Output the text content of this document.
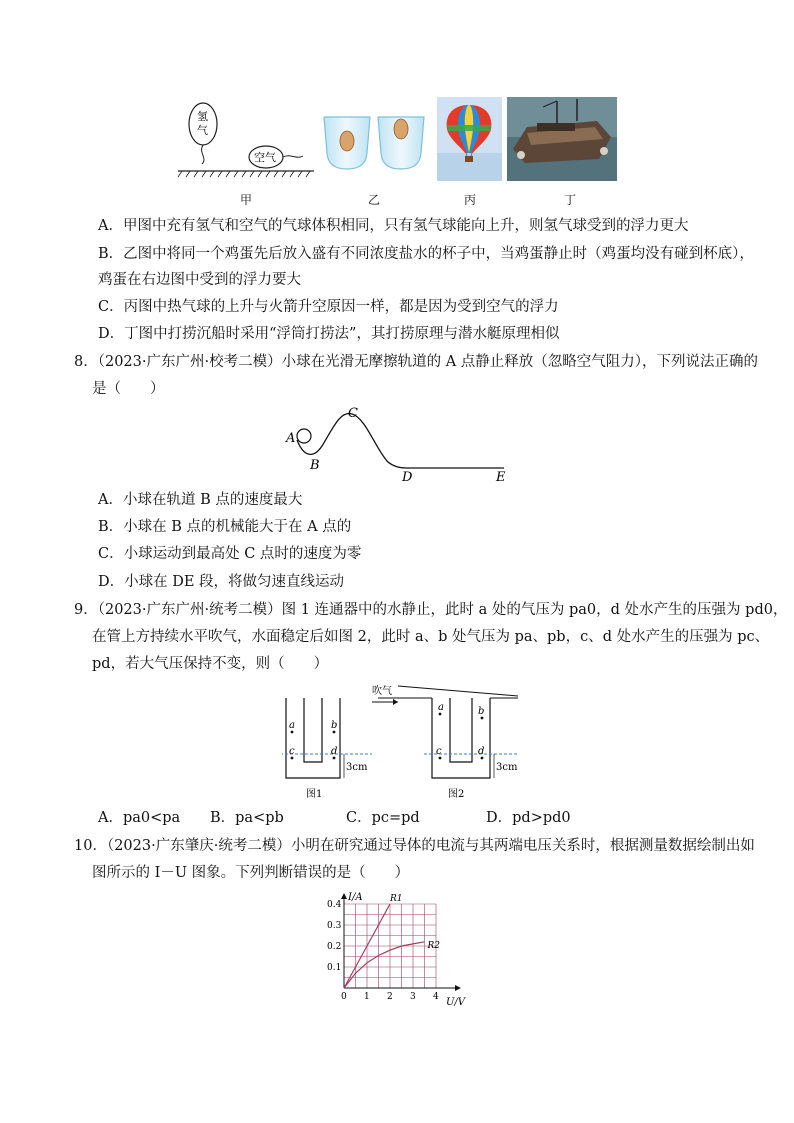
氢
气
空气
甲	乙	丙	丁
A．甲图中充有氢气和空气的气球体积相同，只有氢气球能向上升，则氢气球受到的浮力更大
B．乙图中将同一个鸡蛋先后放入盛有不同浓度盐水的杯子中，当鸡蛋静止时（鸡蛋均没有碰到杯底），
鸡蛋在右边图中受到的浮力要大
C．丙图中热气球的上升与火箭升空原因一样，都是因为受到空气的浮力
D．丁图中打捞沉船时采用“浮筒打捞法”，其打捞原理与潜水艇原理相似
8．（2023·广东广州·校考二模）小球在光滑无摩擦轨道的 A 点静止释放（忽略空气阻力），下列说法正确的
是（　　）
A
B
C
D	E
A．小球在轨道 B 点的速度最大
B．小球在 B 点的机械能大于在 A 点的
C．小球运动到最高处 C 点时的速度为零
D．小球在 DE 段，将做匀速直线运动
9．（2023·广东广州·统考二模）图 1 连通器中的水静止，此时 a 处的气压为 pa0，d 处水产生的压强为 pd0，
在管上方持续水平吹气，水面稳定后如图 2，此时 a、b 处气压为 pa、pb，c、d 处水产生的压强为 pc、
pd，若大气压保持不变，则（　　）
a	b
c	d
3cm
图1
吹气
a	b
c	d
3cm
图2
A．pa0<pa B．pa<pb	C．pc=pd	D．pd>pd0
10．（2023·广东肇庆·统考二模）小明在研究通过导体的电流与其两端电压关系时，根据测量数据绘制出如
图所示的 I－U 图象。下列判断错误的是（　　）
0 1 2 3 4
0.1
0.2
0.3
0.4
R1
R2
I/A
U/V
